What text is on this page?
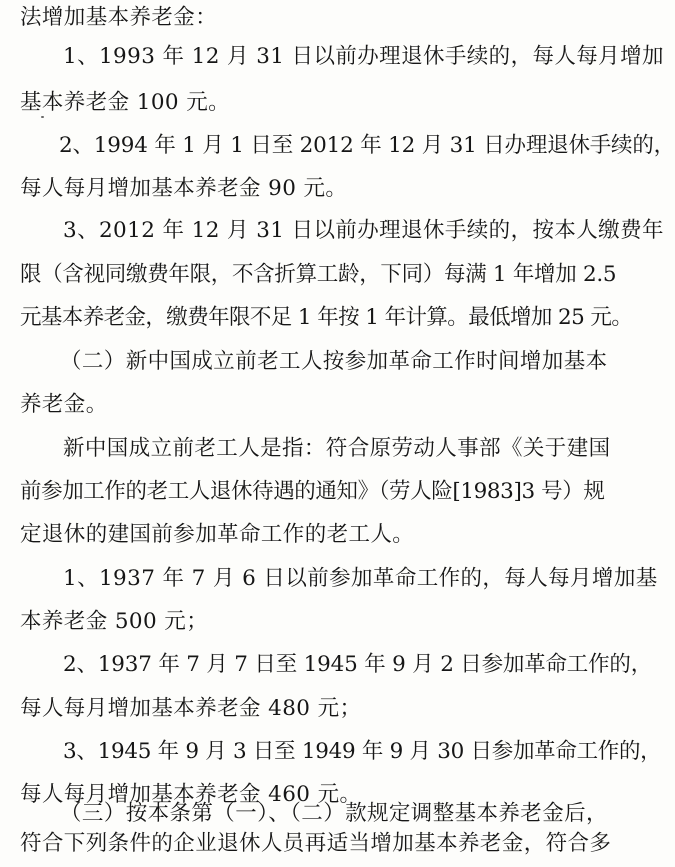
法增加基本养老金：
1、1993 年 12 月 31 日以前办理退休手续的，每人每月增加
基本养老金 100 元。
2、1994 年 1 月 1 日至 2012 年 12 月 31 日办理退休手续的，
每人每月增加基本养老金 90 元。
3、2012 年 12 月 31 日以前办理退休手续的，按本人缴费年
限（含视同缴费年限，不含折算工龄，下同）每满 1 年增加 2.5
元基本养老金，缴费年限不足 1 年按 1 年计算。最低增加 25 元。
（二）新中国成立前老工人按参加革命工作时间增加基本
养老金。
新中国成立前老工人是指：符合原劳动人事部《关于建国
前参加工作的老工人退休待遇的通知》（劳人险[1983]3 号）规
定退休的建国前参加革命工作的老工人。
1、1937 年 7 月 6 日以前参加革命工作的，每人每月增加基
本养老金 500 元；
2、1937 年 7 月 7 日至 1945 年 9 月 2 日参加革命工作的，
每人每月增加基本养老金 480 元；
3、1945 年 9 月 3 日至 1949 年 9 月 30 日参加革命工作的，
每人每月增加基本养老金 460 元。
（三）按本条第（一）、（二）款规定调整基本养老金后，
符合下列条件的企业退休人员再适当增加基本养老金，符合多
